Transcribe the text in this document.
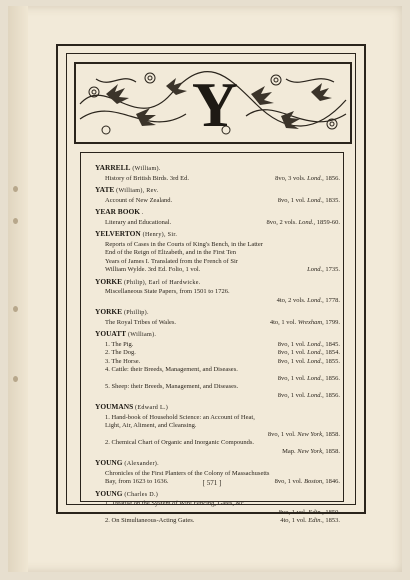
Y
YARRELL (William).
History of British Birds. 3rd Ed.	8vo, 3 vols. Lond., 1856.
YATE (William), Rev.
Account of New Zealand.	8vo, 1 vol. Lond., 1835.
YEAR BOOK .
Literary and Educational.	8vo, 2 vols. Lond., 1859-60.
YELVERTON (Henry), Sir.
Reports of Cases in the Courts of King's Bench, in the Latter
End of the Reign of Elizabeth, and in the First Ten
Years of James I. Translated from the French of Sir
William Wylde. 3rd Ed. Folio, 1 vol.	Lond., 1735.
YORKE (Philip), Earl of Hardwicke.
Miscellaneous State Papers, from 1501 to 1726.
4to, 2 vols. Lond., 1778.
YORKE (Phillip).
The Royal Tribes of Wales.	4to, 1 vol. Wrexham, 1799.
YOUATT (William).
1. The Pig.	8vo, 1 vol. Lond., 1845.
2. The Dog.	8vo, 1 vol. Lond., 1854.
3. The Horse.	8vo, 1 vol. Lond., 1855.
4. Cattle: their Breeds, Management, and Diseases.
8vo, 1 vol. Lond., 1856.
5. Sheep: their Breeds, Management, and Diseases.
8vo, 1 vol. Lond., 1856.
YOUMANS (Edward L.)
1. Hand-book of Household Science: an Account of Heat,
Light, Air, Aliment, and Cleansing.
8vo, 1 vol. New York, 1858.
2. Chemical Chart of Organic and Inorganic Compounds.
Map. New York, 1858.
YOUNG (Alexander).
Chronicles of the First Planters of the Colony of Massachusetts
Bay, from 1623 to 1636.	8vo, 1 vol. Boston, 1846.
YOUNG (Charles D.)
1. Treatise on the System of Wire Fencing, Gates, &c.
8vo, 1 vol. Edin., 1850.
2. On Simultaneous-Acting Gates.	4to, 1 vol. Edin., 1853.
[ 571 ]
